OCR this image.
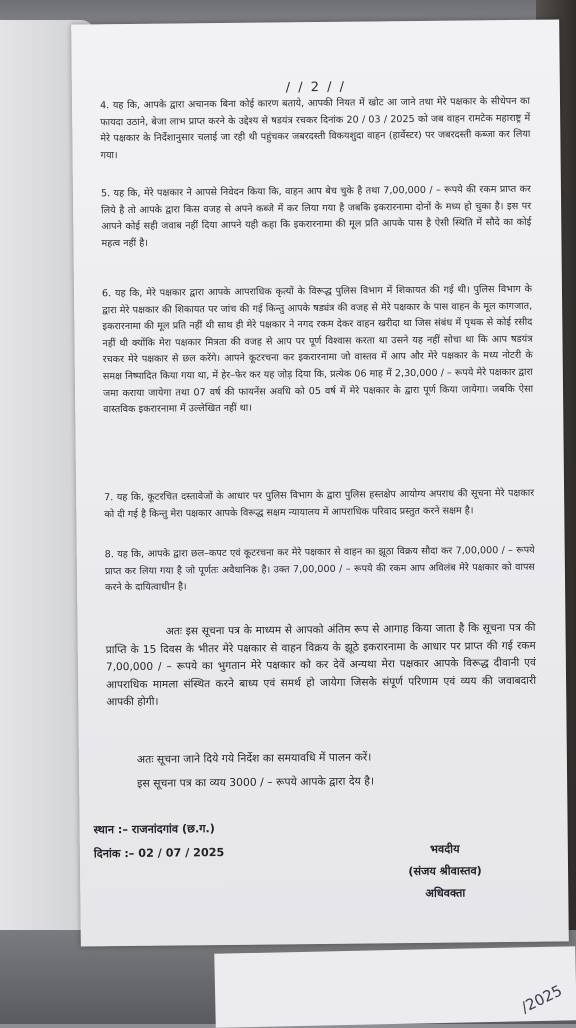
/2025
/ / 2 / /

4. यह कि, आपके द्वारा अचानक बिना कोई कारण बताये, आपकी नियत में खोट आ जाने तथा मेरे पक्षकार के सीधेपन का फायदा उठाने, बेजा लाभ प्राप्त करने के उद्देश्य से षडयंत्र रचकर दिनांक 20 / 03 / 2025 को जब वाहन रामटेक महाराष्ट्र में मेरे पक्षकार के निर्देशानुसार चलाई जा रही थी पहुंचकर जबरदस्ती विकयशुदा वाहन (हार्वेस्टर) पर जबरदस्ती कब्जा कर लिया गया।

5. यह कि, मेरे पक्षकार ने आपसे निवेदन किया कि, वाहन आप बेच चुके है तथा 7,00,000 / – रूपये की रकम प्राप्त कर लिये है तो आपके द्वारा किस वजह से अपने कब्जे में कर लिया गया है जबकि इकरारनामा दोनों के मध्य हो चुका है। इस पर आपने कोई सही जवाब नहीं दिया आपने यही कहा कि इकरारनामा की मूल प्रति आपके पास है ऐसी स्थिति में सौदे का कोई महत्व नहीं है।

6. यह कि, मेरे पक्षकार द्वारा आपके आपराधिक कृत्यों के विरूद्ध पुलिस विभाग में शिकायत की गई थी। पुलिस विभाग के द्वारा मेरे पक्षकार की शिकायत पर जांच की गई किन्तु आपके षड्यंत्र की वजह से मेरे पक्षकार के पास वाहन के मूल कागजात, इकरारनामा की मूल प्रति नहीं थी साथ ही मेरे पक्षकार ने नगद रकम देकर वाहन खरीदा था जिस संबंध में पृथक से कोई रसीद नहीं थी क्योंकि मेरा पक्षकार मित्रता की वजह से आप पर पूर्ण विश्वास करता था उसने यह नहीं सोचा था कि आप षडयंत्र रचकर मेरे पक्षकार से छल करेंगे। आपने कूटरचना कर इकरारनामा जो वास्तव में आप और मेरे पक्षकार के मध्य नोटरी के समक्ष निष्पादित किया गया था, में हेर–फेर कर यह जोड़ दिया कि, प्रत्येक 06 माह में 2,30,000 / – रूपये मेरे पक्षकार द्वारा जमा कराया जायेगा तथा 07 वर्ष की फायनेंस अवधि को 05 वर्ष में मेरे पक्षकार के द्वारा पूर्ण किया जायेगा। जबकि ऐसा वास्तविक इकरारनामा में उल्लेखित नहीं था।

7. यह कि, कूटरचित दस्तावेजों के आधार पर पुलिस विभाग के द्वारा पुलिस हस्तक्षेप आयोग्य अपराध की सूचना मेरे पक्षकार को दी गई है किन्तु मेरा पक्षकार आपके विरूद्ध सक्षम न्यायालय में आपराधिक परिवाद प्रस्तुत करने सक्षम है।

8. यह कि, आपके द्वारा छल–कपट एवं कूटरचना कर मेरे पक्षकार से वाहन का झूठा विक्रय सौदा कर 7,00,000 / – रूपये प्राप्त कर लिया गया है जो पूर्णतः अवैधानिक है। उक्त 7,00,000 / – रूपये की रकम आप अविलंब मेरे पक्षकार को वापस करने के दायित्वाधीन है।

अतः इस सूचना पत्र के माध्यम से आपको अंतिम रूप से आगाह किया जाता है कि सूचना पत्र की प्राप्ति के 15 दिवस के भीतर मेरे पक्षकार से वाहन विक्रय के झूठे इकरारनामा के आधार पर प्राप्त की गई रकम 7,00,000 / – रूपये का भुगतान मेरे पक्षकार को कर देवें अन्यथा मेरा पक्षकार आपके विरूद्ध दीवानी एवं आपराधिक मामला संस्थित करने बाध्य एवं समर्थ हो जायेगा जिसके संपूर्ण परिणाम एवं व्यय की जवाबदारी आपकी होगी।

अतः सूचना जाने दिये गये निर्देश का समयावधि में पालन करें।
इस सूचना पत्र का व्यय 3000 / – रूपये आपके द्वारा देय है।
स्थान :– राजनांदगांव (छ.ग.)
दिनांक :– 02 / 07 / 2025	भवदीय
(संजय श्रीवास्तव)
अधिवक्ता
